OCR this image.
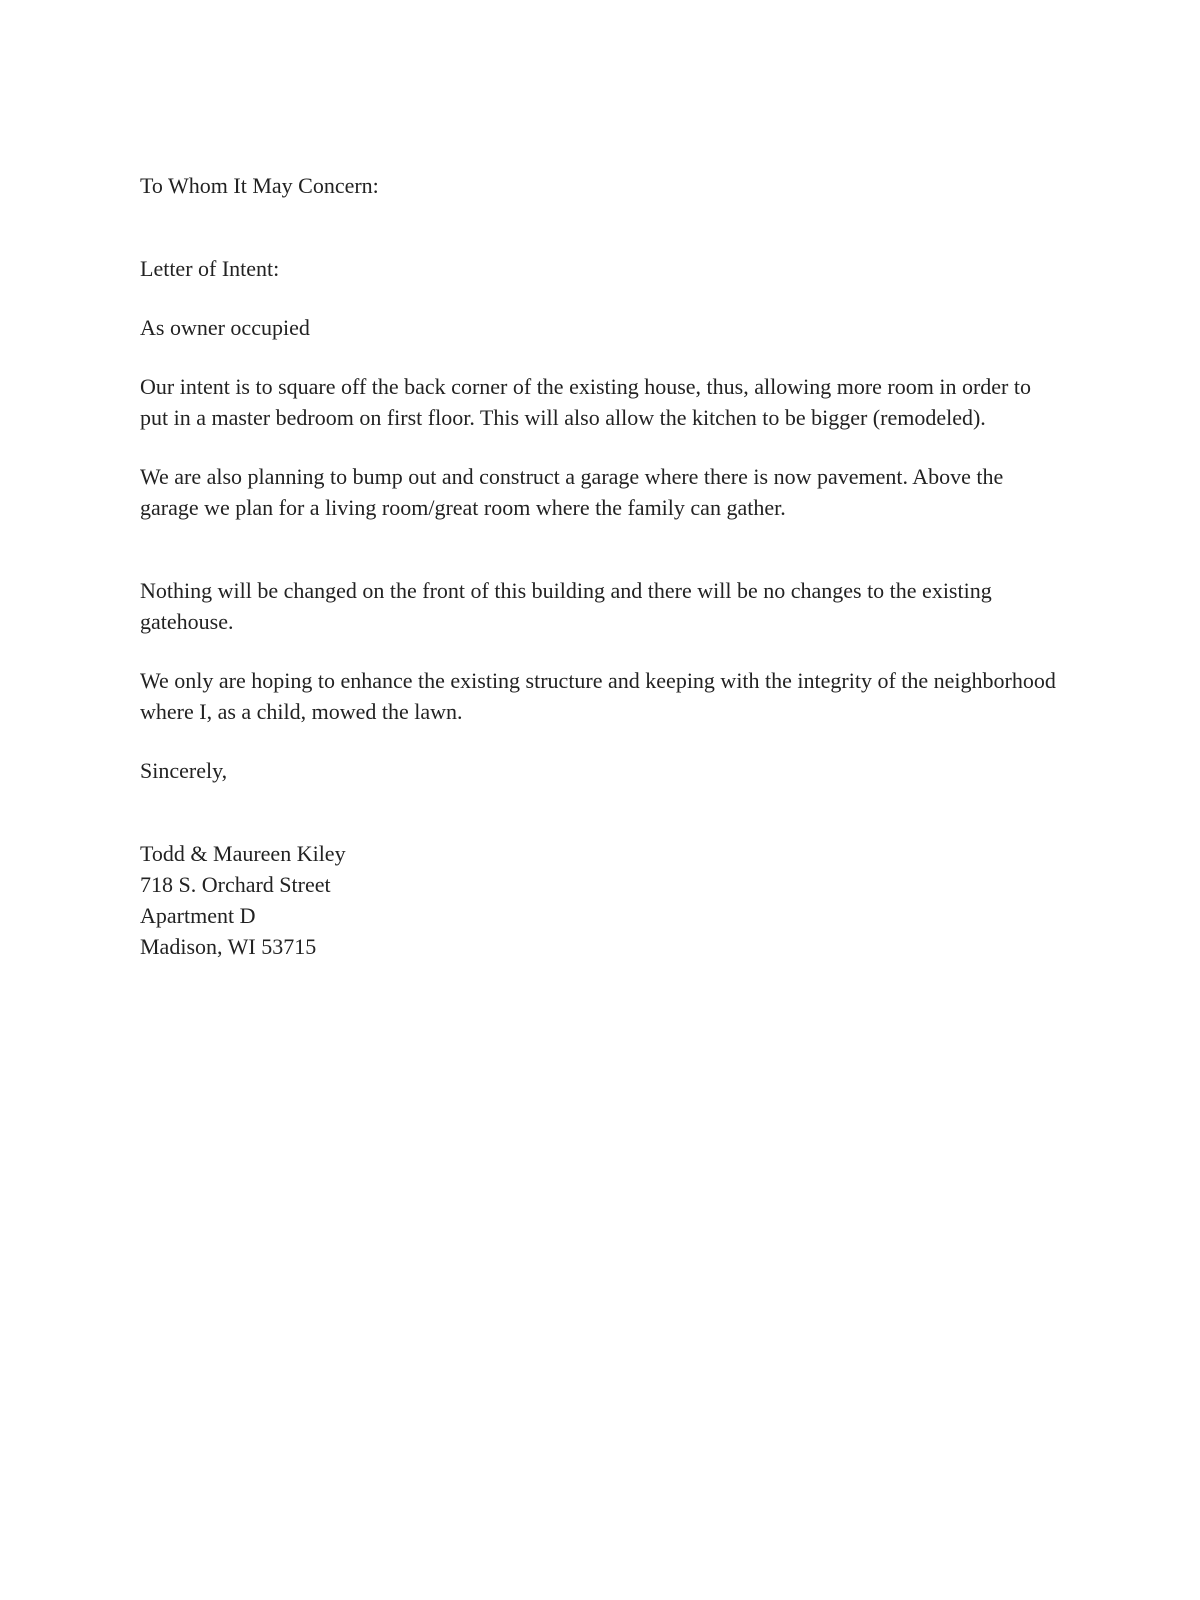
To Whom It May Concern:

Letter of Intent:

As owner occupied

Our intent is to square off the back corner of the existing house, thus, allowing more room in order to put in a master bedroom on first floor. This will also allow the kitchen to be bigger (remodeled).

We are also planning to bump out and construct a garage where there is now pavement. Above the garage we plan for a living room/great room where the family can gather.

Nothing will be changed on the front of this building and there will be no changes to the existing gatehouse.

We only are hoping to enhance the existing structure and keeping with the integrity of the neighborhood where I, as a child, mowed the lawn.

Sincerely,

Todd & Maureen Kiley
718 S. Orchard Street
Apartment D
Madison, WI 53715
